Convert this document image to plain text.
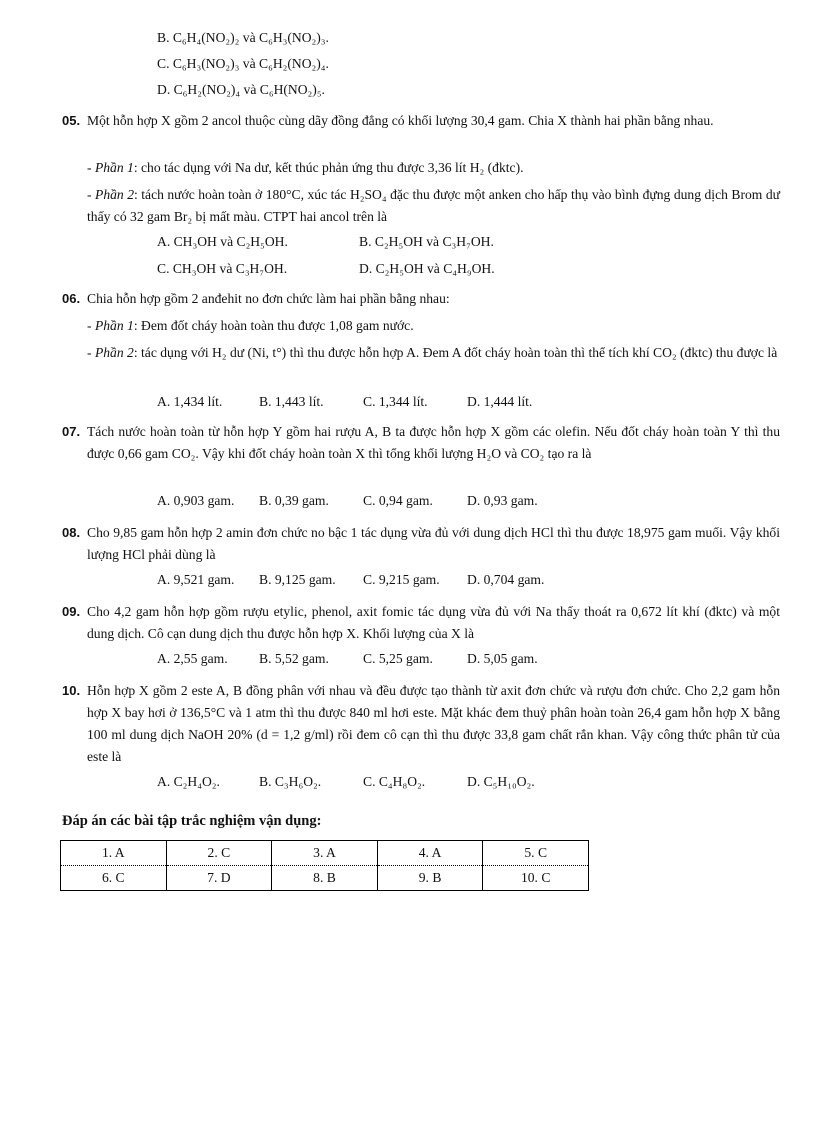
B. C₆H₄(NO₂)₂ và C₆H₃(NO₂)₃.
C. C₆H₃(NO₂)₃ và C₆H₂(NO₂)₄.
D. C₆H₂(NO₂)₄ và C₆H(NO₂)₅.
05. Một hỗn hợp X gồm 2 ancol thuộc cùng dãy đồng đẳng có khối lượng 30,4 gam. Chia X thành hai phần bằng nhau.
- Phần 1: cho tác dụng với Na dư, kết thúc phản ứng thu được 3,36 lít H₂ (đktc).
- Phần 2: tách nước hoàn toàn ở 180°C, xúc tác H₂SO₄ đặc thu được một anken cho hấp thụ vào bình đựng dung dịch Brom dư thấy có 32 gam Br₂ bị mất màu. CTPT hai ancol trên là
A. CH₃OH và C₂H₅OH.	B. C₂H₅OH và C₃H₇OH.
C. CH₃OH và C₃H₇OH.	D. C₂H₅OH và C₄H₉OH.
06. Chia hỗn hợp gồm 2 anđehit no đơn chức làm hai phần bằng nhau:
- Phần 1: Đem đốt cháy hoàn toàn thu được 1,08 gam nước.
- Phần 2: tác dụng với H₂ dư (Ni, t°) thì thu được hỗn hợp A. Đem A đốt cháy hoàn toàn thì thể tích khí CO₂ (đktc) thu được là
A. 1,434 lít.	B. 1,443 lít.	C. 1,344 lít.	D. 1,444 lít.
07. Tách nước hoàn toàn từ hỗn hợp Y gồm hai rượu A, B ta được hỗn hợp X gồm các olefin. Nếu đốt cháy hoàn toàn Y thì thu được 0,66 gam CO₂. Vậy khi đốt cháy hoàn toàn X thì tổng khối lượng H₂O và CO₂ tạo ra là
A. 0,903 gam. B. 0,39 gam.	C. 0,94 gam.	D. 0,93 gam.
08. Cho 9,85 gam hỗn hợp 2 amin đơn chức no bậc 1 tác dụng vừa đủ với dung dịch HCl thì thu được 18,975 gam muối. Vậy khối lượng HCl phải dùng là
A. 9,521 gam. B. 9,125 gam. C. 9,215 gam. D. 0,704 gam.
09. Cho 4,2 gam hỗn hợp gồm rượu etylic, phenol, axit fomic tác dụng vừa đủ với Na thấy thoát ra 0,672 lít khí (đktc) và một dung dịch. Cô cạn dung dịch thu được hỗn hợp X. Khối lượng của X là
A. 2,55 gam. B. 5,52 gam.	C. 5,25 gam.	D. 5,05 gam.
10. Hỗn hợp X gồm 2 este A, B đồng phân với nhau và đều được tạo thành từ axit đơn chức và rượu đơn chức. Cho 2,2 gam hỗn hợp X bay hơi ở 136,5°C và 1 atm thì thu được 840 ml hơi este. Mặt khác đem thuỷ phân hoàn toàn 26,4 gam hỗn hợp X bằng 100 ml dung dịch NaOH 20% (d = 1,2 g/ml) rồi đem cô cạn thì thu được 33,8 gam chất rắn khan. Vậy công thức phân tử của este là
A. C₂H₄O₂.	B. C₃H₆O₂.	C. C₄H₈O₂.	D. C₅H₁₀O₂.
Đáp án các bài tập trắc nghiệm vận dụng:
1. A	2. C	3. A	4. A	5. C
6. C	7. D	8. B	9. B	10. C
